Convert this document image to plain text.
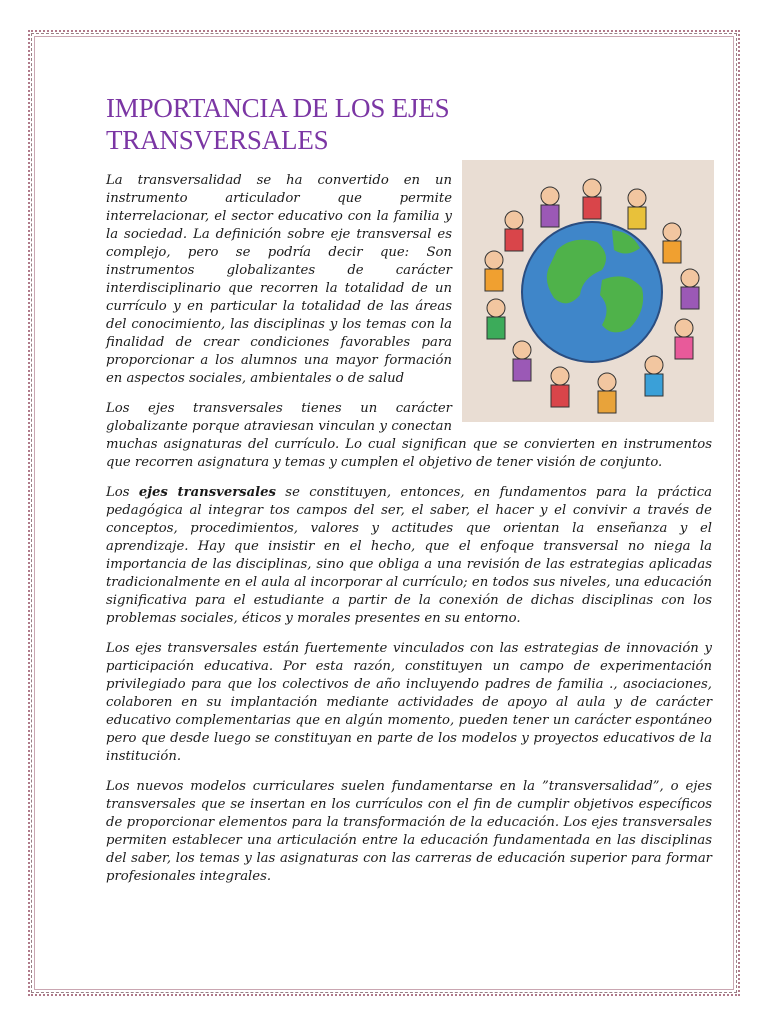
IMPORTANCIA DE LOS EJES TRANSVERSALES

La transversalidad se ha convertido en un instrumento articulador que permite interrelacionar, el sector educativo con la familia y la sociedad. La definición sobre eje transversal es complejo, pero se podría decir que: Son instrumentos globalizantes de carácter interdisciplinario que recorren la totalidad de un currículo y en particular la totalidad de las áreas del conocimiento, las disciplinas y los temas con la finalidad de crear condiciones favorables para proporcionar a los alumnos una mayor formación en aspectos sociales, ambientales o de salud

Los ejes transversales tienes un carácter globalizante porque atraviesan vinculan y conectan muchas asignaturas del currículo. Lo cual significan que se convierten en instrumentos que recorren asignatura y temas y cumplen el objetivo de tener visión de conjunto.

Los ejes transversales se constituyen, entonces, en fundamentos para la práctica pedagógica al integrar tos campos del ser, el saber, el hacer y el convivir a través de conceptos, procedimientos, valores y actitudes que orientan la enseñanza y el aprendizaje. Hay que insistir en el hecho, que el enfoque transversal no niega la importancia de las disciplinas, sino que obliga a una revisión de las estrategias aplicadas tradicionalmente en el aula al incorporar al currículo; en todos sus niveles, una educación significativa para el estudiante a partir de la conexión de dichas disciplinas con los problemas sociales, éticos y morales presentes en su entorno.

Los ejes transversales están fuertemente vinculados con las estrategias de innovación y participación educativa. Por esta razón, constituyen un campo de experimentación privilegiado para que los colectivos de año incluyendo padres de familia ., asociaciones, colaboren en su implantación mediante actividades de apoyo al aula y de carácter educativo complementarias que en algún momento, pueden tener un carácter espontáneo pero que desde luego se constituyan en parte de los modelos y proyectos educativos de la institución.

Los nuevos modelos curriculares suelen fundamentarse en la ”transversalidad”, o ejes transversales que se insertan en los currículos con el fin de cumplir objetivos específicos de proporcionar elementos para la transformación de la educación. Los ejes transversales permiten establecer una articulación entre la educación fundamentada en las disciplinas del saber, los temas y las asignaturas con las carreras de educación superior para formar profesionales integrales.
